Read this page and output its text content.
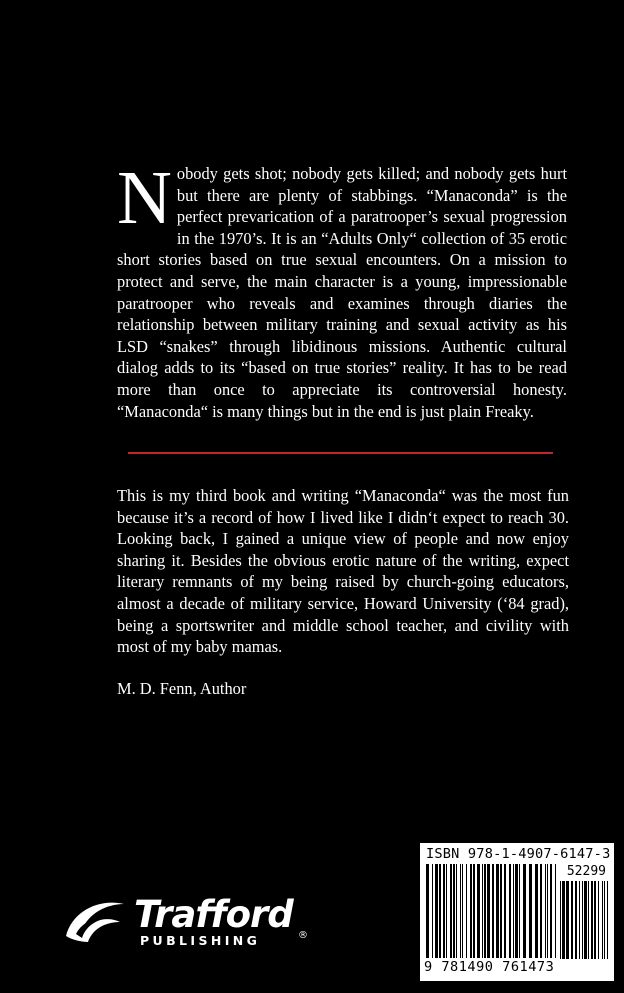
Nobody gets shot; nobody gets killed; and nobody gets hurt but there are plenty of stabbings. “Manaconda” is the perfect prevarication of a paratrooper’s sexual progression in the 1970’s. It is an “Adults Only“ collection of 35 erotic short stories based on true sexual encounters. On a mission to protect and serve, the main character is a young, impressionable paratrooper who reveals and examines through diaries the relationship between military training and sexual activity as his LSD “snakes” through libidinous missions. Authentic cultural dialog adds to its “based on true stories” reality. It has to be read more than once to appreciate its controversial honesty. “Manaconda“ is many things but in the end is just plain Freaky.

This is my third book and writing “Manaconda“ was the most fun because it’s a record of how I lived like I didn‘t expect to reach 30. Looking back, I gained a unique view of people and now enjoy sharing it. Besides the obvious erotic nature of the writing, expect literary remnants of my being raised by church-going educators, almost a decade of military service, Howard University (‘84 grad), being a sportswriter and middle school teacher, and civility with most of my baby mamas.

M. D. Fenn, Author
Trafford
PUBLISHING	®
ISBN 978-1-4907-6147-3
52299
9 781490 761473
